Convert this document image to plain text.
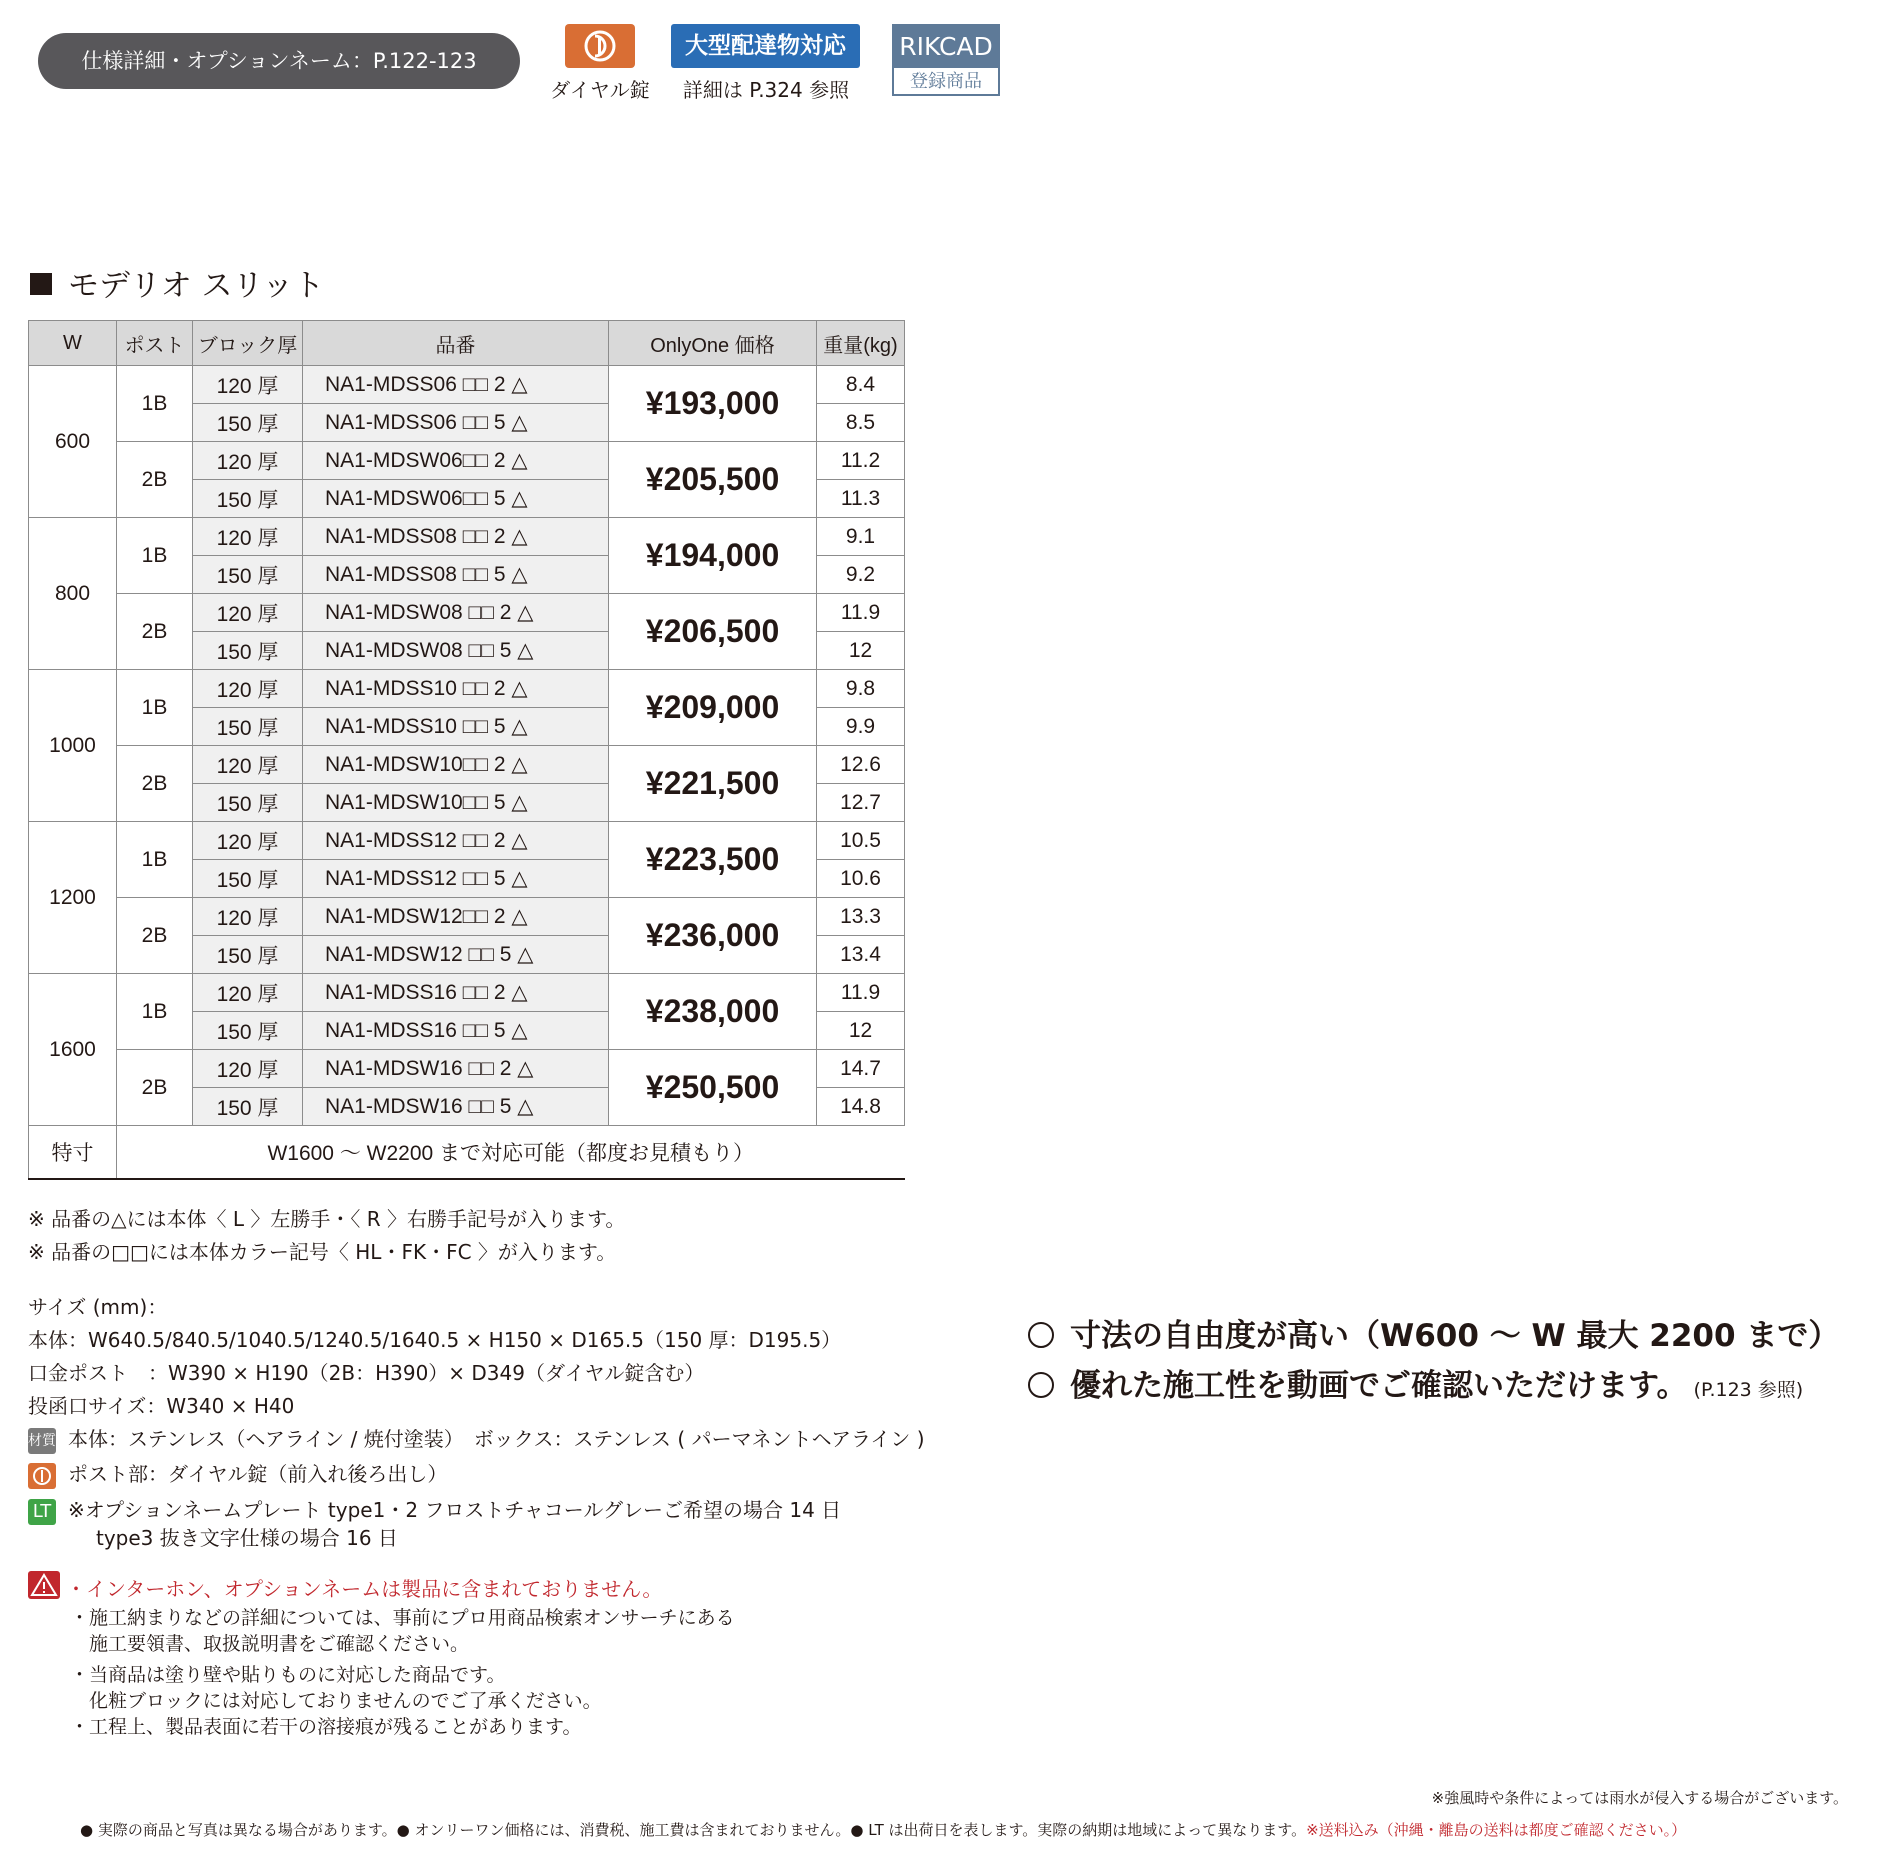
仕様詳細・オプションネーム：P.122-123
ダイヤル錠
大型配達物対応
詳細は P.324 参照
RIKCAD
登録商品
モデリオ スリット
W	ポスト	ブロック厚	品番	OnlyOne 価格	重量(kg)
600	1B	120 厚	NA1-MDSS06 □□ 2 △	¥193,000	8.4
		150 厚	NA1-MDSS06 □□ 5 △		8.5
	2B	120 厚	NA1-MDSW06□□ 2 △	¥205,500	11.2
		150 厚	NA1-MDSW06□□ 5 △		11.3
800	1B	120 厚	NA1-MDSS08 □□ 2 △	¥194,000	9.1
		150 厚	NA1-MDSS08 □□ 5 △		9.2
	2B	120 厚	NA1-MDSW08 □□ 2 △	¥206,500	11.9
		150 厚	NA1-MDSW08 □□ 5 △		12
1000	1B	120 厚	NA1-MDSS10 □□ 2 △	¥209,000	9.8
		150 厚	NA1-MDSS10 □□ 5 △		9.9
	2B	120 厚	NA1-MDSW10□□ 2 △	¥221,500	12.6
		150 厚	NA1-MDSW10□□ 5 △		12.7
1200	1B	120 厚	NA1-MDSS12 □□ 2 △	¥223,500	10.5
		150 厚	NA1-MDSS12 □□ 5 △		10.6
	2B	120 厚	NA1-MDSW12□□ 2 △	¥236,000	13.3
		150 厚	NA1-MDSW12 □□ 5 △		13.4
1600	1B	120 厚	NA1-MDSS16 □□ 2 △	¥238,000	11.9
		150 厚	NA1-MDSS16 □□ 5 △		12
	2B	120 厚	NA1-MDSW16 □□ 2 △	¥250,500	14.7
		150 厚	NA1-MDSW16 □□ 5 △		14.8
特寸	W1600 ～ W2200 まで対応可能（都度お見積もり）				
※ 品番の△には本体〈 L 〉左勝手・〈 R 〉右勝手記号が入ります。
※ 品番の□□には本体カラー記号〈 HL・FK・FC 〉が入ります。
サイズ (mm)：
本体：W640.5/840.5/1040.5/1240.5/1640.5 × H150 × D165.5（150 厚：D195.5）
口金ポスト　：W390 × H190（2B：H390）× D349（ダイヤル錠含む）
投函口サイズ：W340 × H40
材質 本体：ステンレス（ヘアライン / 焼付塗装）　ボックス：ステンレス ( パーマネントヘアライン )
ポスト部：ダイヤル錠（前入れ後ろ出し）
LT ※オプションネームプレート type1・2 フロストチャコールグレーご希望の場合 14 日
type3 抜き文字仕様の場合 16 日
・インターホン、オプションネームは製品に含まれておりません。
・施工納まりなどの詳細については、事前にプロ用商品検索オンサーチにある
　施工要領書、取扱説明書をご確認ください。
・当商品は塗り壁や貼りものに対応した商品です。
　化粧ブロックには対応しておりませんのでご了承ください。
・工程上、製品表面に若干の溶接痕が残ることがあります。
寸法の自由度が高い（W600 ～ W 最大 2200 まで）
優れた施工性を動画でご確認いただけます。 (P.123 参照)
※強風時や条件によっては雨水が侵入する場合がございます。
● 実際の商品と写真は異なる場合があります。● オンリーワン価格には、消費税、施工費は含まれておりません。● LT は出荷日を表します。実際の納期は地域によって異なります。※送料込み（沖縄・離島の送料は都度ご確認ください。）
